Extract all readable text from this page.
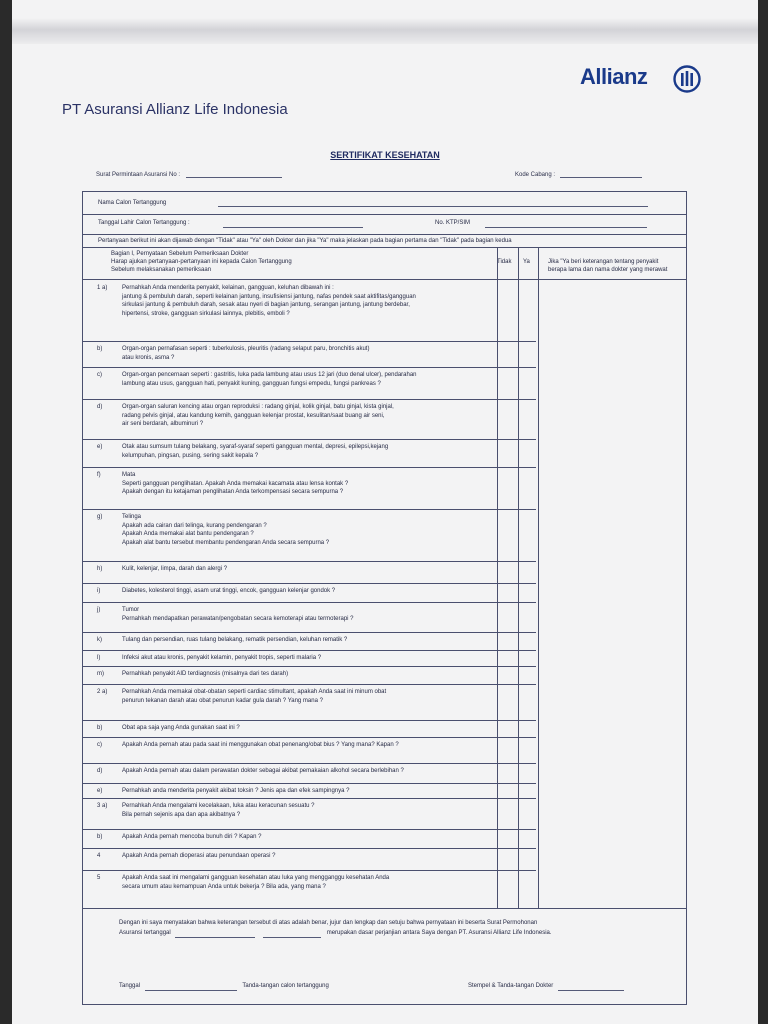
Allianz
PT Asuransi Allianz Life Indonesia
SERTIFIKAT KESEHATAN
Surat Permintaan Asuransi No :	Kode Cabang :
Nama Calon Tertanggung
Tanggal Lahir Calon Tertanggung :	No. KTP/SIM
Pertanyaan berikut ini akan dijawab dengan "Tidak" atau "Ya" oleh Dokter dan jika "Ya" maka jelaskan pada bagian pertama dan "Tidak" pada bagian kedua
Bagian I, Pernyataan Sebelum Pemeriksaan Dokter
Harap ajukan pertanyaan-pertanyaan ini kepada Calon Tertanggung
Sebelum melaksanakan pemeriksaan
Tidak Ya	Jika "Ya beri keterangan tentang penyakit
berapa lama dan nama dokter yang merawat
1 a) Pernahkah Anda menderita penyakit, kelainan, gangguan, keluhan dibawah ini :
jantung & pembuluh darah, seperti kelainan jantung, insufisiensi jantung, nafas pendek saat aktifitas/gangguan
sirkulasi jantung & pembuluh darah, sesak atau nyeri di bagian jantung, serangan jantung, jantung berdebar,
hipertensi, stroke, gangguan sirkulasi lainnya, plebitis, emboli ?
b)	Organ-organ pernafasan seperti : tuberkulosis, pleuritis (radang selaput paru, bronchitis akut)
atau kronis, asma ?
c)	Organ-organ pencernaan seperti : gastritis, luka pada lambung atau usus 12 jari (duo denal ulcer), pendarahan
lambung atau usus, gangguan hati, penyakit kuning, gangguan fungsi empedu, fungsi pankreas ?
d)	Organ-organ saluran kencing atau organ reproduksi : radang ginjal, kolik ginjal, batu ginjal, kista ginjal,
radang pelvis ginjal, atau kandung kemih, gangguan kelenjar prostat, kesulitan/saat buang air seni,
air seni berdarah, albuminuri ?
e)	Otak atau sumsum tulang belakang, syaraf-syaraf seperti gangguan mental, depresi, epilepsi,kejang
kelumpuhan, pingsan, pusing, sering sakit kepala ?
f)	Mata
Seperti gangguan penglihatan. Apakah Anda memakai kacamata atau lensa kontak ?
Apakah dengan itu ketajaman penglihatan Anda terkompensasi secara sempurna ?
g)	Telinga
Apakah ada cairan dari telinga, kurang pendengaran ?
Apakah Anda memakai alat bantu pendengaran ?
Apakah alat bantu tersebut membantu pendengaran Anda secara sempurna ?
h)	Kulit, kelenjar, limpa, darah dan alergi ?
i)	Diabetes, kolesterol tinggi, asam urat tinggi, encok, gangguan kelenjar gondok ?
j)	Tumor
Pernahkah mendapatkan perawatan/pengobatan secara kemoterapi atau termoterapi ?
k)	Tulang dan persendian, ruas tulang belakang, rematik persendian, keluhan rematik ?
l)	Infeksi akut atau kronis, penyakit kelamin, penyakit tropis, seperti malaria ?
m)	Pernahkah penyakit AID terdiagnosis (misalnya dari tes darah)
2 a) Pernahkah Anda memakai obat-obatan seperti cardiac stimultant, apakah Anda saat ini minum obat
penurun tekanan darah atau obat penurun kadar gula darah ? Yang mana ?
b)	Obat apa saja yang Anda gunakan saat ini ?
c)	Apakah Anda pernah atau pada saat ini menggunakan obat penenang/obat bius ? Yang mana? Kapan ?
d)	Apakah Anda pernah atau dalam perawatan dokter sebagai akibat pemakaian alkohol secara berlebihan ?
e)	Pernahkah anda menderita penyakit akibat toksin ? Jenis apa dan efek sampingnya ?
3 a) Pernahkah Anda mengalami kecelakaan, luka atau keracunan sesuatu ?
Bila pernah sejenis apa dan apa akibatnya ?
b)	Apakah Anda pernah mencoba bunuh diri ? Kapan ?
4	Apakah Anda pernah dioperasi atau penundaan operasi ?
5	Apakah Anda saat ini mengalami gangguan kesehatan atau luka yang mengganggu kesehatan Anda
secara umum atau kemampuan Anda untuk bekerja ? Bila ada, yang mana ?
Dengan ini saya menyatakan bahwa keterangan tersebut di atas adalah benar, jujur dan lengkap dan setuju bahwa pernyataan ini beserta Surat Permohonan
Asuransi tertanggal	merupakan dasar perjanjian antara Saya dengan PT. Asuransi Allianz Life Indonesia.
Tanggal	Tanda-tangan calon tertanggung	Stempel & Tanda-tangan Dokter
